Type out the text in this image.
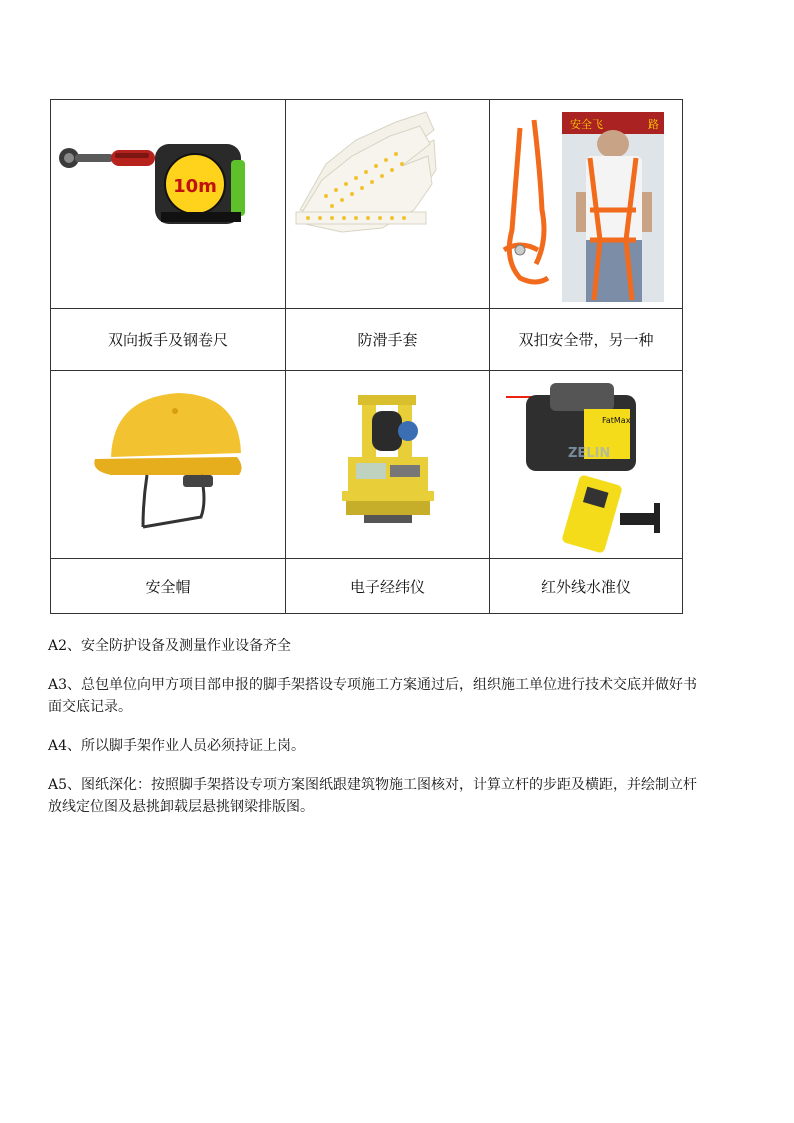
10m		安全飞 路

双向扳手及钢卷尺	防滑手套	双扣安全带，另一种

FatMax
ZELIN

安全帽	电子经纬仪	红外线水准仪
A2、安全防护设备及测量作业设备齐全
A3、总包单位向甲方项目部申报的脚手架搭设专项施工方案通过后，组织施工单位进行技术交底并做好书
面交底记录。
A4、所以脚手架作业人员必须持证上岗。
A5、图纸深化：按照脚手架搭设专项方案图纸跟建筑物施工图核对，计算立杆的步距及横距，并绘制立杆
放线定位图及悬挑卸载层悬挑钢梁排版图。
